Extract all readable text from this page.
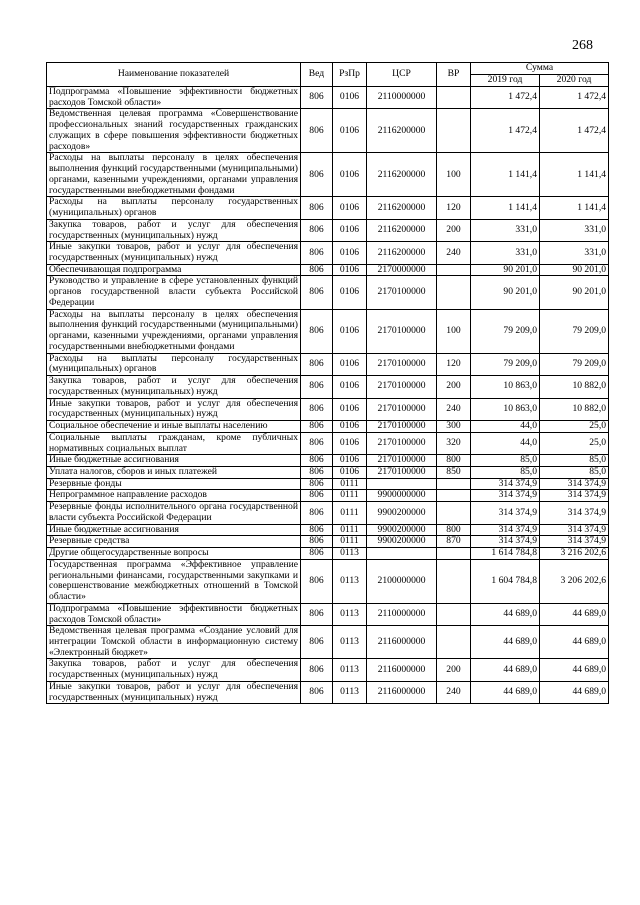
268
Наименование показателей	Вед	РзПр	ЦСР	ВР	Сумма	
					2019 год	2020 год
Подпрограмма «Повышение эффективности бюджетных расходов Томской области»	806	0106	2110000000		1 472,4	1 472,4
Ведомственная целевая программа «Совершенствование профессиональных знаний государственных гражданских служащих в сфере повышения эффективности бюджетных расходов»	806	0106	2116200000		1 472,4	1 472,4
Расходы на выплаты персоналу в целях обеспечения выполнения функций государственными (муниципальными) органами, казенными учреждениями, органами управления государственными внебюджетными фондами	806	0106	2116200000	100	1 141,4	1 141,4
Расходы на выплаты персоналу государственных (муниципальных) органов	806	0106	2116200000	120	1 141,4	1 141,4
Закупка товаров, работ и услуг для обеспечения государственных (муниципальных) нужд	806	0106	2116200000	200	331,0	331,0
Иные закупки товаров, работ и услуг для обеспечения государственных (муниципальных) нужд	806	0106	2116200000	240	331,0	331,0
Обеспечивающая подпрограмма	806	0106	2170000000		90 201,0	90 201,0
Руководство и управление в сфере установленных функций органов государственной власти субъекта Российской Федерации	806	0106	2170100000		90 201,0	90 201,0
Расходы на выплаты персоналу в целях обеспечения выполнения функций государственными (муниципальными) органами, казенными учреждениями, органами управления государственными внебюджетными фондами	806	0106	2170100000	100	79 209,0	79 209,0
Расходы на выплаты персоналу государственных (муниципальных) органов	806	0106	2170100000	120	79 209,0	79 209,0
Закупка товаров, работ и услуг для обеспечения государственных (муниципальных) нужд	806	0106	2170100000	200	10 863,0	10 882,0
Иные закупки товаров, работ и услуг для обеспечения государственных (муниципальных) нужд	806	0106	2170100000	240	10 863,0	10 882,0
Социальное обеспечение и иные выплаты населению	806	0106	2170100000	300	44,0	25,0
Социальные выплаты гражданам, кроме публичных нормативных социальных выплат	806	0106	2170100000	320	44,0	25,0
Иные бюджетные ассигнования	806	0106	2170100000	800	85,0	85,0
Уплата налогов, сборов и иных платежей	806	0106	2170100000	850	85,0	85,0
Резервные фонды	806	0111			314 374,9	314 374,9
Непрограммное направление расходов	806	0111	9900000000		314 374,9	314 374,9
Резервные фонды исполнительного органа государственной власти субъекта Российской Федерации	806	0111	9900200000		314 374,9	314 374,9
Иные бюджетные ассигнования	806	0111	9900200000	800	314 374,9	314 374,9
Резервные средства	806	0111	9900200000	870	314 374,9	314 374,9
Другие общегосударственные вопросы	806	0113			1 614 784,8	3 216 202,6
Государственная программа «Эффективное управление региональными финансами, государственными закупками и совершенствование межбюджетных отношений в Томской области»	806	0113	2100000000		1 604 784,8	3 206 202,6
Подпрограмма «Повышение эффективности бюджетных расходов Томской области»	806	0113	2110000000		44 689,0	44 689,0
Ведомственная целевая программа «Создание условий для интеграции Томской области в информационную систему «Электронный бюджет»	806	0113	2116000000		44 689,0	44 689,0
Закупка товаров, работ и услуг для обеспечения государственных (муниципальных) нужд	806	0113	2116000000	200	44 689,0	44 689,0
Иные закупки товаров, работ и услуг для обеспечения государственных (муниципальных) нужд	806	0113	2116000000	240	44 689,0	44 689,0
